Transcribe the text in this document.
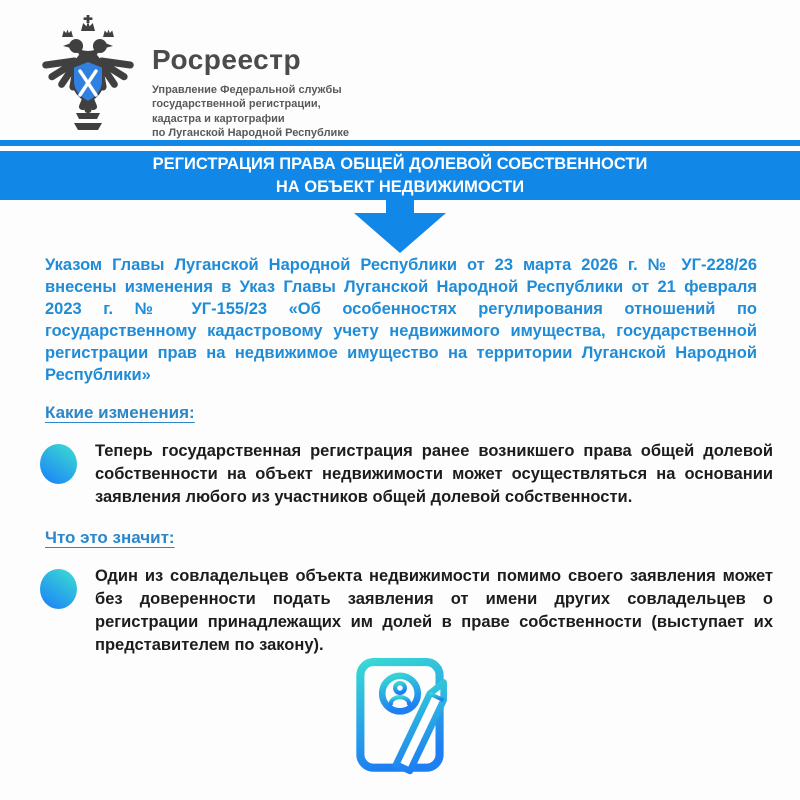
Росреестр
Управление Федеральной службы
государственной регистрации,
кадастра и картографии
по Луганской Народной Республике
РЕГИСТРАЦИЯ ПРАВА ОБЩЕЙ ДОЛЕВОЙ СОБСТВЕННОСТИ
НА ОБЪЕКТ НЕДВИЖИМОСТИ
Указом Главы Луганской Народной Республики от 23 марта 2026 г. № УГ-228/26 внесены изменения в Указ Главы Луганской Народной Республики от 21 февраля 2023 г. № УГ-155/23 «Об особенностях регулирования отношений по государственному кадастровому учету недвижимого имущества, государственной регистрации прав на недвижимое имущество на территории Луганской Народной Республики»
Какие изменения:
Теперь государственная регистрация ранее возникшего права общей долевой собственности на объект недвижимости может осуществляться на основании заявления любого из участников общей долевой собственности.
Что это значит:
Один из совладельцев объекта недвижимости помимо своего заявления может без доверенности подать заявления от имени других совладельцев о регистрации принадлежащих им долей в праве собственности (выступает их представителем по закону).
